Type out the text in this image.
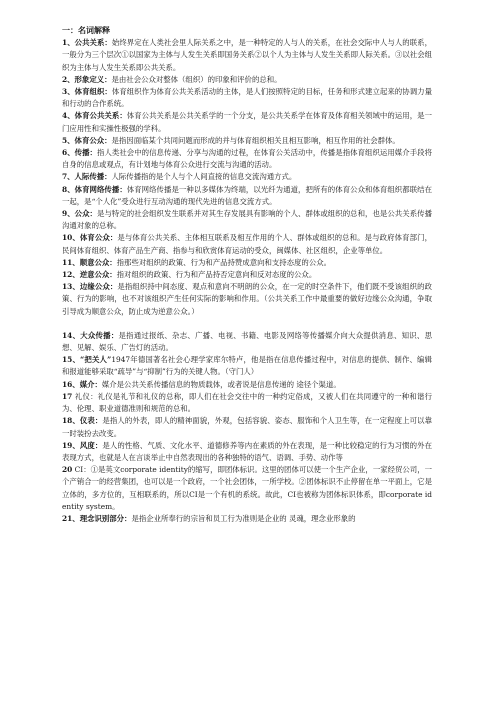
一：名词解释

1、公共关系：始终界定在人类社会里人际关系之中，是一种特定的人与人的关系，在社会交际中人与人的联系，一般分为三个层次①以国家为主体与人发生关系即国务关系②以个人为主体与人发生关系即人际关系。③以社会组织为主体与人发生关系即公共关系。

2、形象定义：是由社会公众对整体（组织）的印象和评价的总和。

3、体育组织：体育组织作为体育公共关系活动的主体，是人们按照特定的目标，任务和形式建立起来的协调力量和行动的合作系统。

4、体育公共关系：体育公共关系是公共关系学的一个分支，是公共关系学在体育及体育相关领域中的运用，是一门应用性和实操性极强的学科。

5、体育公众：是指因面临某个共同问题而形成的并与体育组织相关且相互影响，相互作用的社会群体。

6、传播：指人类社会中的信息传递、分享与沟通的过程，在体育公关活动中，传播是指体育组织运用媒介手段将自身的信息或观点，有计划地与体育公众进行交流与沟通的活动。

7、人际传播：人际传播指的是个人与个人间直接的信息交流沟通方式。

8、体育网络传播：体育网络传播是一种以多媒体为终端，以光纤为通道，把所有的体育公众和体育组织都联结在一起，是“个人化”受众进行互动沟通的现代先进的信息交流方式。

9、公众：是与特定的社会组织发生联系并对其生存发展具有影响的个人、群体或组织的总和，也是公共关系传播沟通对象的总称。

10、体育公众：是与体育公共关系、主体相互联系及相互作用的个人、群体或组织的总和。是与政府体育部门，民间体育组织、体育产品生产商、指参与和欣赏体育运动的受众，闽媒体、社区组织，企业等单位。

11、顺意公众：指那些对组织的政策、行为和产品持赞成意向和支持态度的公众。

12、逆意公众：指对组织的政策、行为和产品持否定意向和反对态度的公众。

13、边缘公众：是指组织持中间态度、观点和意向不明朗的公众，在一定的时空条件下，他们既不受该组织的政策、行为的影响，也不对该组织产生任何实际的影响和作用。（公共关系工作中最重要的做好边缘公众沟通，争取引导成为顺意公众，防止成为逆意公众。）

14、大众传播：是指通过报纸、杂志、广播、电视、书籍、电影及网络等传播媒介向大众提供消息、知识、思想、见解、娱乐、广告灯的活动。

15、“把关人”1947年德国著名社会心理学家库尔特卢，他是指在信息传播过程中，对信息的提供、制作、编辑和报道能够采取“疏导”与“抑制”行为的关键人物。（守门人）

16、媒介：媒介是公共关系传播信息的物质载体，或者说是信息传递的 途径个渠道。

17 礼仪：礼仪是礼节和礼仪的总称，即人们在社会交往中的一种约定俗成，又被人们在共同遵守的一种和谐行为、伦理、职业道德准则和规范的总和。

18、仪表：是指人的外表，即人的精神面貌，外观，包括容貌、姿态、服饰和个人卫生等，在一定程度上可以靠一时装扮去改变。

19、风度：是人的性格、气质、文化水平、道德修养等内在素质的外在表现，是一种比较稳定的行为习惯的外在表现方式，也就是人在言谈举止中自然表现出的各种独特的语气、语调、手势、动作等

20 CI：①是英文corporate identity的缩写，即团体标识。这里的团体可以使一个生产企业，一家经贸公司，一个产销合一的经营集团，也可以是一个政府，一个社会团体，一所学校。②团体标识不止停留在单一平面上，它是立体的，多方位的，互相联系的，所以CI是一个有机的系统。故此，CI也被称为团体标识体系，即corporate identity system。

21、理念识别部分：是指企业所奉行的宗旨和员工行为准则是企业的 灵魂，理念业形象的
